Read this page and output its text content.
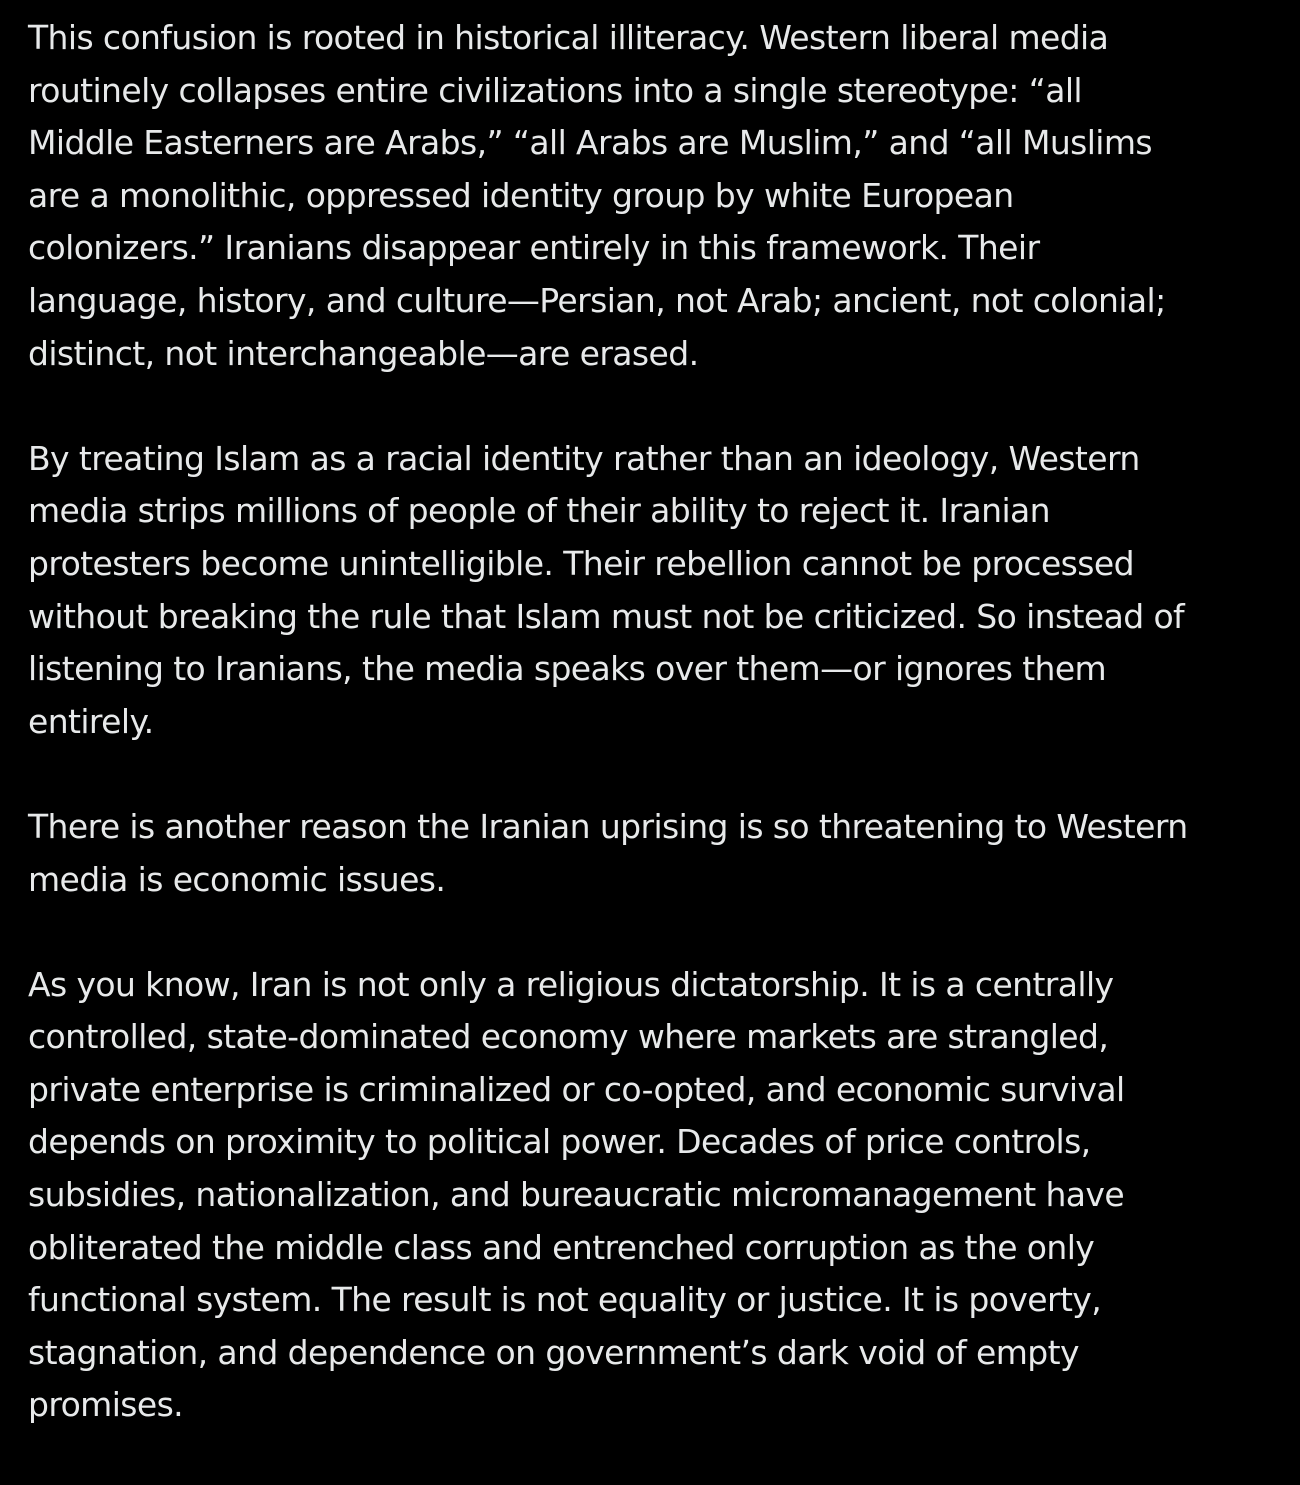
This confusion is rooted in historical illiteracy. Western liberal media
routinely collapses entire civilizations into a single stereotype: “all
Middle Easterners are Arabs,” “all Arabs are Muslim,” and “all Muslims
are a monolithic, oppressed identity group by white European
colonizers.” Iranians disappear entirely in this framework. Their
language, history, and culture—Persian, not Arab; ancient, not colonial;
distinct, not interchangeable—are erased.

By treating Islam as a racial identity rather than an ideology, Western
media strips millions of people of their ability to reject it. Iranian
protesters become unintelligible. Their rebellion cannot be processed
without breaking the rule that Islam must not be criticized. So instead of
listening to Iranians, the media speaks over them—or ignores them
entirely.

There is another reason the Iranian uprising is so threatening to Western
media is economic issues.

As you know, Iran is not only a religious dictatorship. It is a centrally
controlled, state-dominated economy where markets are strangled,
private enterprise is criminalized or co-opted, and economic survival
depends on proximity to political power. Decades of price controls,
subsidies, nationalization, and bureaucratic micromanagement have
obliterated the middle class and entrenched corruption as the only
functional system. The result is not equality or justice. It is poverty,
stagnation, and dependence on government’s dark void of empty
promises.
